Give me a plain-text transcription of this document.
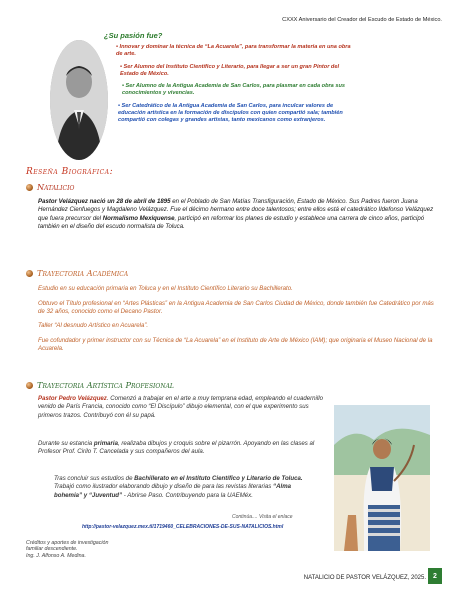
CXXX Aniversario del Creador del Escudo de Estado de México.
¿Su pasión fue?
• Innovar y dominar la técnica de “La Acuarela”, para transformar la materia en una obra de arte.
• Ser Alumno del Instituto Científico y Literario, para llegar a ser un gran Pintor del Estado de México.
• Ser Alumno de la Antigua Academia de San Carlos, para plasmar en cada obra sus conocimientos y vivencias.
• Ser Catedrático de la Antigua Academia de San Carlos, para inculcar valores de educación artística en la formación de discípulos con quien compartió sala; también compartió con colegas y grandes artistas, tanto mexicanos como extranjeros.
Reseña Biográfica:
Natalicio
Pastor Velázquez nació un 28 de abril de 1895 en el Poblado de San Matías Transfiguración, Estado de México. Sus Padres fueron Juana Hernández Cienfuegos y Magdaleno Velázquez. Fue el décimo hermano entre doce talentosos; entre ellos está el catedrático Ildefonso Velázquez que fuera precursor del Normalismo Mexiquense, participó en reformar los planes de estudio y establece una carrera de cinco años, participó también en el diseño del escudo normalista de Toluca.
Trayectoria Académica
Estudio en su educación primaria en Toluca y en el Instituto Científico Literario su Bachillerato.
Obtuvo el Título profesional en “Artes Plásticas” en la Antigua Academia de San Carlos Ciudad de México, donde también fue Catedrático por más de 32 años, conocido como el Decano Pastor.
Taller “Al desnudo Artístico en Acuarela”.
Fue cofundador y primer instructor con su Técnica de “La Acuarela” en el Instituto de Arte de México (IAM); que originaria el Museo Nacional de la Acuarela.
Trayectoria Artística Profesional
Pastor Pedro Velázquez. Comenzó a trabajar en el arte a muy temprana edad, empleando el cuadernillo venido de París Francia, conocido como “El Discípulo” dibujo elemental, con el que experimento sus primeros trazos. Contribuyó con él su papá.
Durante su estancia primaria, realizaba dibujos y croquis sobre el pizarrón. Apoyando en las clases al Profesor Prof. Cirilo T. Cancelada y sus compañeros del aula.
Tras concluir sus estudios de Bachillerato en el Instituto Científico y Literario de Toluca. Trabajó como ilustrador elaborando dibujo y diseño de para las revistas literarias “Alma bohemia” y “Juventud” - Abrirse Paso. Contribuyendo para la UAEMéx.
Continúa.... Visita el enlace
http://pastor-velazquez.mex.tl/1719460_CELEBRACIONES-DE-SUS-NATALICIOS.html
Créditos y aportes de investigación
familiar descendiente.
Ing. J. Alfonso A. Medina.
NATALICIO DE PASTOR VELÁZQUEZ, 2025.	2
